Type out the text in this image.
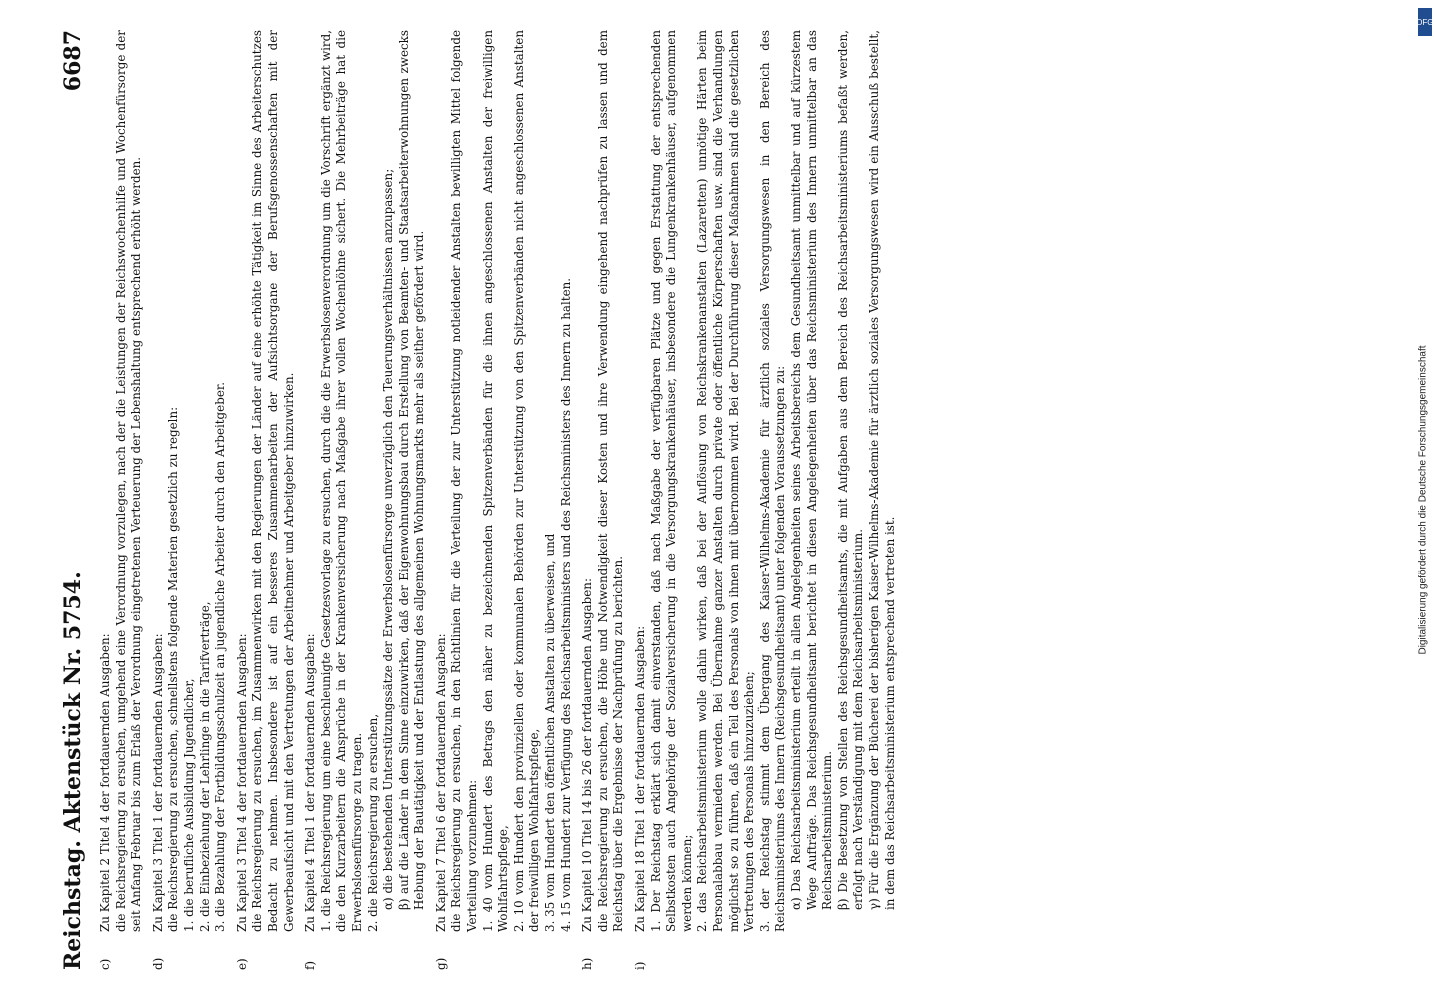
Reichstag. Aktenstück Nr. 5754.
6687
c)
Zu Kapitel 2 Titel 4 der fortdauernden Ausgaben: die Reichsregierung zu ersuchen, umgehend eine Verordnung vorzulegen, nach der die Leistungen der Reichswochenhilfe und Wochenfürsorge der seit Anfang Februar bis zum Erlaß der Verordnung eingetretenen Verteuerung der Lebenshaltung entsprechend erhöht werden.
d)
Zu Kapitel 3 Titel 1 der fortdauernden Ausgaben: die Reichsregierung zu ersuchen, schnellstens folgende Materien gesetzlich zu regeln: 1. die berufliche Ausbildung Jugendlicher, 2. die Einbeziehung der Lehrlinge in die Tarifverträge, 3. die Bezahlung der Fortbildungsschulzeit an jugendliche Arbeiter durch den Arbeitgeber.
e)
Zu Kapitel 3 Titel 4 der fortdauernden Ausgaben: die Reichsregierung zu ersuchen, im Zusammenwirken mit den Regierungen der Länder auf eine erhöhte Tätigkeit im Sinne des Arbeiterschutzes Bedacht zu nehmen. Insbesondere ist auf ein besseres Zusammenarbeiten der Aufsichtsorgane der Berufsgenossenschaften mit der Gewerbeaufsicht und mit den Vertretungen der Arbeitnehmer und Arbeitgeber hinzuwirken.
f)
Zu Kapitel 4 Titel 1 der fortdauernden Ausgaben: 1. die Reichsregierung um eine beschleunigte Gesetzesvorlage zu ersuchen, durch die die Erwerbslosenverordnung um die Vorschrift ergänzt wird, die den Kurzarbeitern die Ansprüche in der Krankenversicherung nach Maßgabe ihrer vollen Wochenlöhne sichert. Die Mehrbeiträge hat die Erwerbslosenfürsorge zu tragen. 2. die Reichsregierung zu ersuchen, α) die bestehenden Unterstützungssätze der Erwerbslosenfürsorge unverzüglich den Teuerungsverhältnissen anzupassen; β) auf die Länder in dem Sinne einzuwirken, daß der Eigenwohnungsbau durch Erstellung von Beamten- und Staatsarbeiterwohnungen zwecks Hebung der Bautätigkeit und der Entlastung des allgemeinen Wohnungsmarkts mehr als seither gefördert wird.
g)
Zu Kapitel 7 Titel 6 der fortdauernden Ausgaben: die Reichsregierung zu ersuchen, in den Richtlinien für die Verteilung der zur Unterstützung notleidender Anstalten bewilligten Mittel folgende Verteilung vorzunehmen: 1. 40 vom Hundert des Betrags den näher zu bezeichnenden Spitzenverbänden für die ihnen angeschlossenen Anstalten der freiwilligen Wohlfahrtspflege, 2. 10 vom Hundert den provinziellen oder kommunalen Behörden zur Unterstützung von den Spitzenverbänden nicht angeschlossenen Anstalten der freiwilligen Wohlfahrtspflege, 3. 35 vom Hundert den öffentlichen Anstalten zu überweisen, und 4. 15 vom Hundert zur Verfügung des Reichsarbeitsministers und des Reichsministers des Innern zu halten.
h)
Zu Kapitel 10 Titel 14 bis 26 der fortdauernden Ausgaben: die Reichsregierung zu ersuchen, die Höhe und Notwendigkeit dieser Kosten und ihre Verwendung eingehend nachprüfen zu lassen und dem Reichstag über die Ergebnisse der Nachprüfung zu berichten.
i)
Zu Kapitel 18 Titel 1 der fortdauernden Ausgaben: 1. Der Reichstag erklärt sich damit einverstanden, daß nach Maßgabe der verfügbaren Plätze und gegen Erstattung der entsprechenden Selbstkosten auch Angehörige der Sozialversicherung in die Versorgungskrankenhäuser, insbesondere die Lungenkrankenhäuser, aufgenommen werden können; 2. das Reichsarbeitsministerium wolle dahin wirken, daß bei der Auflösung von Reichskrankenanstalten (Lazaretten) unnötige Härten beim Personalabbau vermieden werden. Bei Übernahme ganzer Anstalten durch private oder öffentliche Körperschaften usw. sind die Verhandlungen möglichst so zu führen, daß ein Teil des Personals von ihnen mit übernommen wird. Bei der Durchführung dieser Maßnahmen sind die gesetzlichen Vertretungen des Personals hinzuzuziehen; 3. der Reichstag stimmt dem Übergang des Kaiser-Wilhelms-Akademie für ärztlich soziales Versorgungswesen in den Bereich des Reichsministeriums des Innern (Reichsgesundheitsamt) unter folgenden Voraussetzungen zu: α) Das Reichsarbeitsministerium erteilt in allen Angelegenheiten seines Arbeitsbereichs dem Gesundheitsamt unmittelbar und auf kürzestem Wege Aufträge. Das Reichsgesundheitsamt berichtet in diesen Angelegenheiten über das Reichsministerium des Innern unmittelbar an das Reichsarbeitsministerium. β) Die Besetzung von Stellen des Reichsgesundheitsamts, die mit Aufgaben aus dem Bereich des Reichsarbeitsministeriums befaßt werden, erfolgt nach Verständigung mit dem Reichsarbeitsministerium. γ) Für die Ergänzung der Bücherei der bisherigen Kaiser-Wilhelms-Akademie für ärztlich soziales Versorgungswesen wird ein Ausschuß bestellt, in dem das Reichsarbeitsministerium entsprechend vertreten ist.
Digitalisierung gefördert durch die Deutsche Forschungsgemeinschaft
DFG
